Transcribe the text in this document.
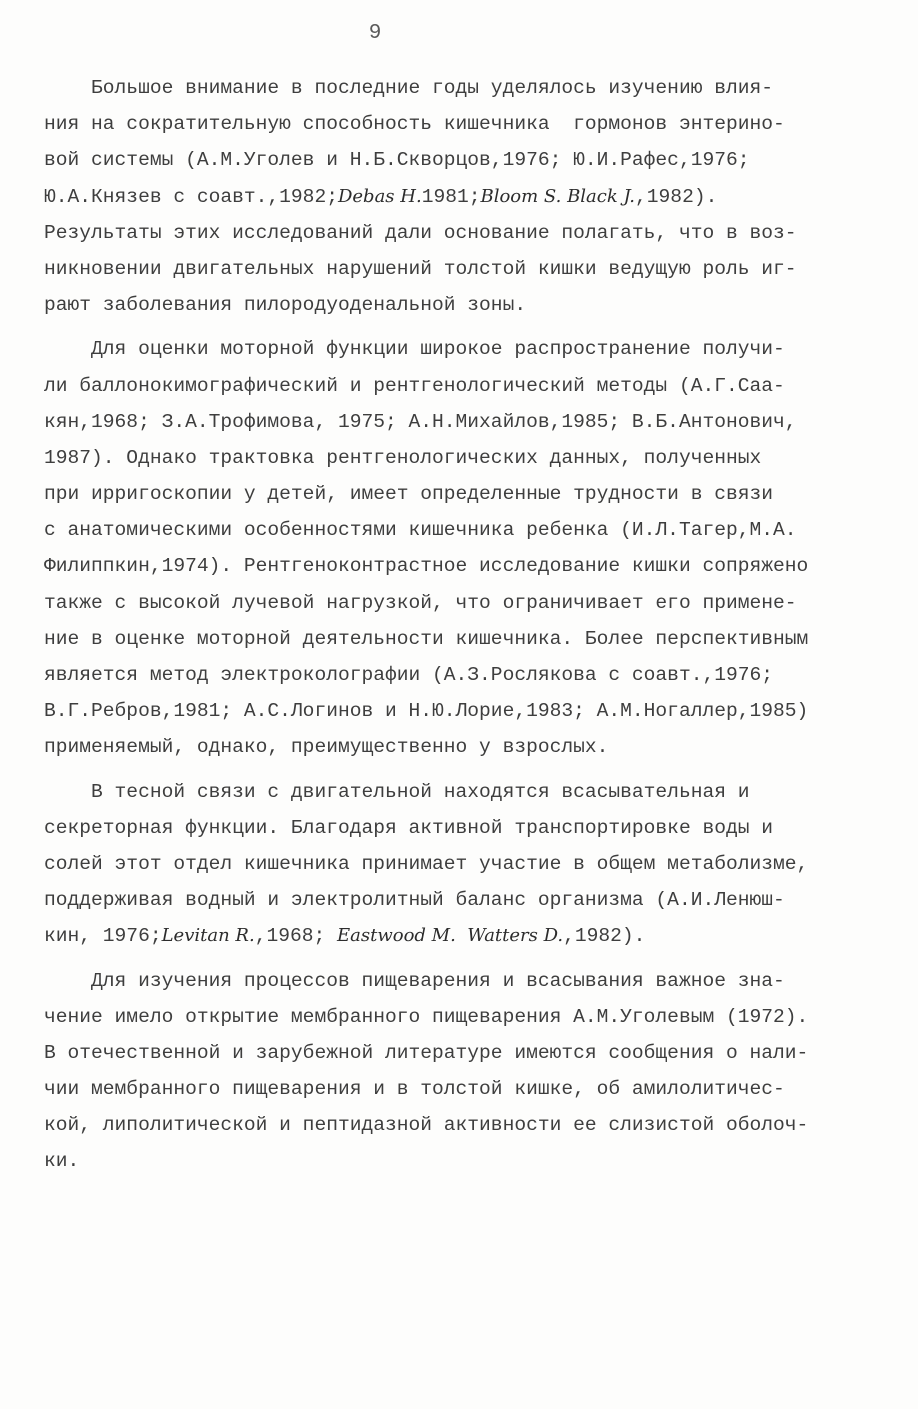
9
Большое внимание в последние годы уделялось изучению влия-
ния на сократительную способность кишечника  гормонов энтерино-
вой системы (А.М.Уголев и Н.Б.Скворцов,1976; Ю.И.Рафес,1976;
Ю.А.Князев с соавт.,1982;Debas H.1981;Bloom S. Black J.,1982).
Результаты этих исследований дали основание полагать, что в воз-
никновении двигательных нарушений толстой кишки ведущую роль иг-
рают заболевания пилородуоденальной зоны.
Для оценки моторной функции широкое распространение получи-
ли баллонокимографический и рентгенологический методы (А.Г.Саа-
кян,1968; З.А.Трофимова, 1975; А.Н.Михайлов,1985; В.Б.Антонович,
1987). Однако трактовка рентгенологических данных, полученных
при ирригоскопии у детей, имеет определенные трудности в связи
с анатомическими особенностями кишечника ребенка (И.Л.Тагер,М.А.
Филиппкин,1974). Рентгеноконтрастное исследование кишки сопряжено
также с высокой лучевой нагрузкой, что ограничивает его примене-
ние в оценке моторной деятельности кишечника. Более перспективным
является метод электроколографии (А.З.Рослякова с соавт.,1976;
В.Г.Ребров,1981; А.С.Логинов и Н.Ю.Лорие,1983; А.М.Ногаллер,1985)
применяемый, однако, преимущественно у взрослых.
В тесной связи с двигательной находятся всасывательная и
секреторная функции. Благодаря активной транспортировке воды и
солей этот отдел кишечника принимает участие в общем метаболизме,
поддерживая водный и электролитный баланс организма (А.И.Ленюш-
кин, 1976;Levitan R.,1968; Eastwood M.  Watters D.,1982).
Для изучения процессов пищеварения и всасывания важное зна-
чение имело открытие мембранного пищеварения А.М.Уголевым (1972).
В отечественной и зарубежной литературе имеются сообщения о нали-
чии мембранного пищеварения и в толстой кишке, об амилолитичес-
кой, липолитической и пептидазной активности ее слизистой оболоч-
ки.
